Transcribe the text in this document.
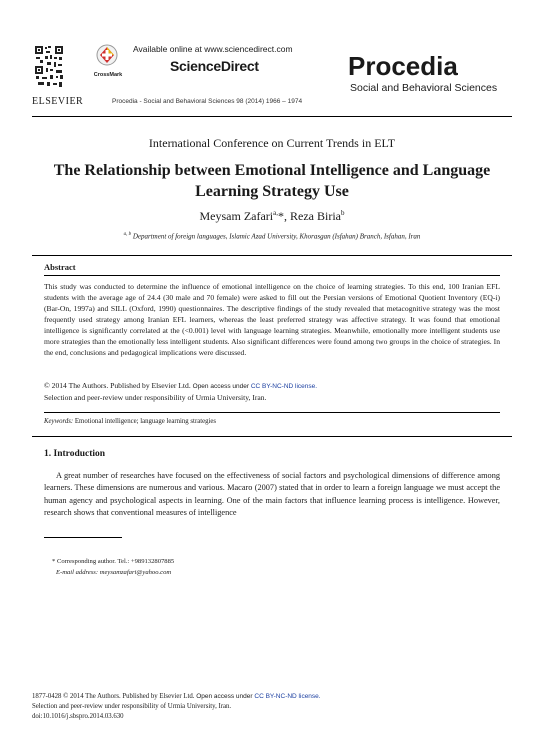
ELSEVIER
CrossMark
Available online at www.sciencedirect.com
ScienceDirect
Procedia - Social and Behavioral Sciences 98 (2014) 1966 – 1974
Procedia
Social and Behavioral Sciences
International Conference on Current Trends in ELT
The Relationship between Emotional Intelligence and Language
Learning Strategy Use
Meysam Zafari$^{a,}$*, Reza Biria$^b$
$^{a, b}$ Department of foreign languages, Islamic Azad University, Khorasgan (Isfahan) Branch, Isfahan, Iran
Abstract
This study was conducted to determine the influence of emotional intelligence on the choice of learning strategies. To this end, 100 Iranian EFL students with the average age of 24.4 (30 male and 70 female) were asked to fill out the Persian versions of Emotional Quotient Inventory (EQ-i) (Bar-On, 1997a) and SILL (Oxford, 1990) questionnaires. The descriptive findings of the study revealed that metacognitive strategy was the most frequently used strategy among Iranian EFL learners, whereas the least preferred strategy was affective strategy. It was found that emotional intelligence is significantly correlated at the (<0.001) level with language learning strategies. Meanwhile, emotionally more intelligent students use more strategies than the emotionally less intelligent students. Also significant differences were found among two groups in the choice of strategies. In the end, conclusions and pedagogical implications were discussed.
© 2014 The Authors. Published by Elsevier Ltd. Open access under CC BY-NC-ND license.
Selection and peer-review under responsibility of Urmia University, Iran.
Keywords: Emotional intelligence; language learning strategies
1. Introduction
A great number of researches have focused on the effectiveness of social factors and psychological dimensions of difference among learners. These dimensions are numerous and various. Macaro (2007) stated that in order to learn a foreign language we must accept the human agency and psychological aspects in learning. One of the main factors that influence learning process is intelligence. However, research shows that conventional measures of intelligence
* Corresponding author. Tel.: +989132807885
E-mail address: meysamzafari@yahoo.com
1877-0428 © 2014 The Authors. Published by Elsevier Ltd. Open access under CC BY-NC-ND license.
Selection and peer-review under responsibility of Urmia University, Iran.
doi:10.1016/j.sbspro.2014.03.630
